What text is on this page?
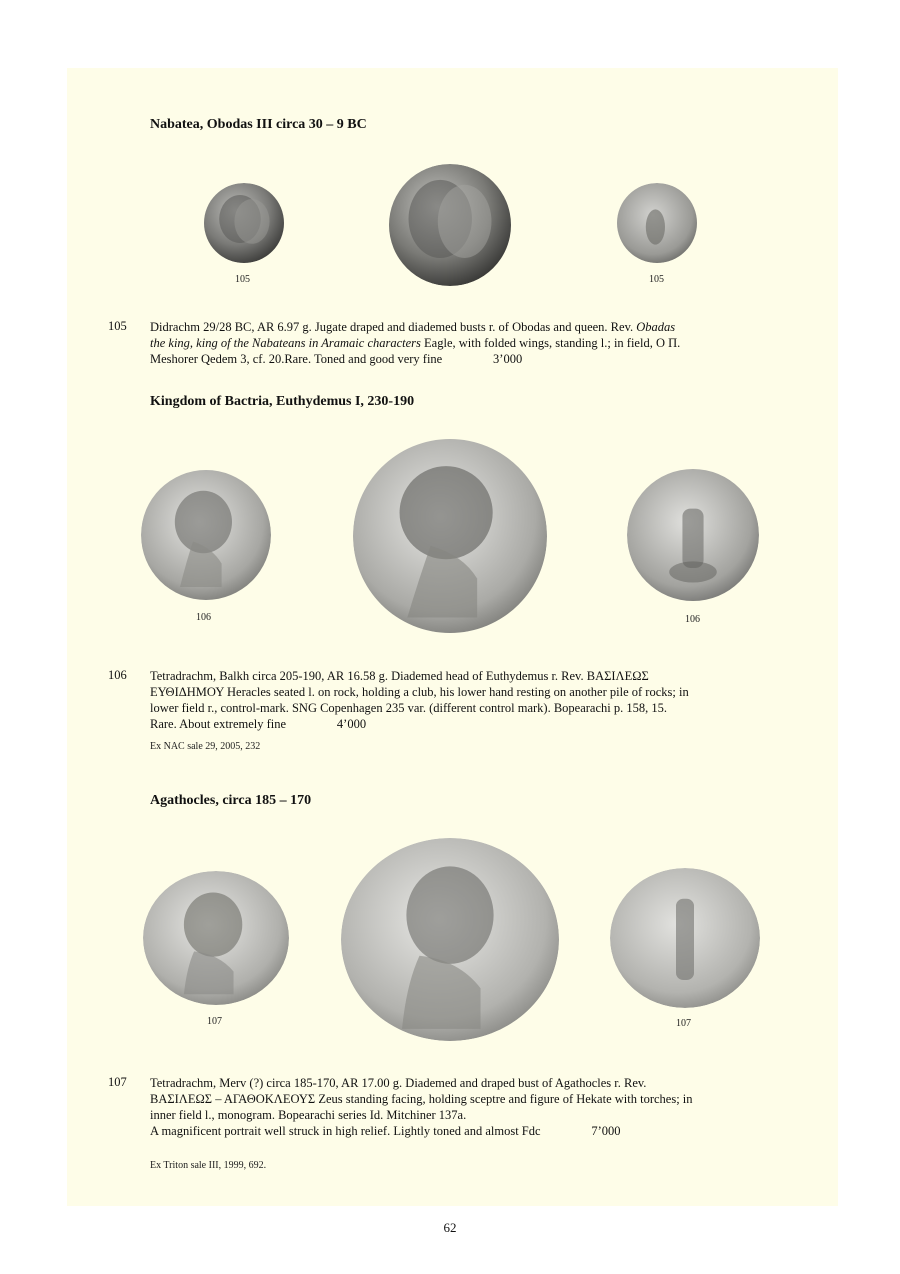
Nabatea, Obodas III circa 30 – 9 BC
105	105
105 Didrachm 29/28 BC, AR 6.97 g. Jugate draped and diademed busts r. of Obodas and queen. Rev. Obadas
the king, king of the Nabateans in Aramaic characters Eagle, with folded wings, standing l.; in field, O Π.
Meshorer Qedem 3, cf. 20.Rare. Toned and good very fine	3’000
Kingdom of Bactria, Euthydemus I, 230-190
106	106
106 Tetradrachm, Balkh circa 205-190, AR 16.58 g. Diademed head of Euthydemus r. Rev. ΒΑΣΙΛΕΩΣ
ΕΥΘΙΔΗΜΟΥ Heracles seated l. on rock, holding a club, his lower hand resting on another pile of rocks; in
lower field r., control-mark. SNG Copenhagen 235 var. (different control mark). Bopearachi p. 158, 15.
Rare. About extremely fine	4’000
Ex NAC sale 29, 2005, 232
Agathocles, circa 185 – 170
107	107
107 Tetradrachm, Merv (?) circa 185-170, AR 17.00 g. Diademed and draped bust of Agathocles r. Rev.
ΒΑΣΙΛΕΩΣ – ΑΓΑΘΟΚΛΕΟΥΣ Zeus standing facing, holding sceptre and figure of Hekate with torches; in
inner field l., monogram. Bopearachi series Id. Mitchiner 137a.
A magnificent portrait well struck in high relief. Lightly toned and almost Fdc	7’000
Ex Triton sale III, 1999, 692.
62
